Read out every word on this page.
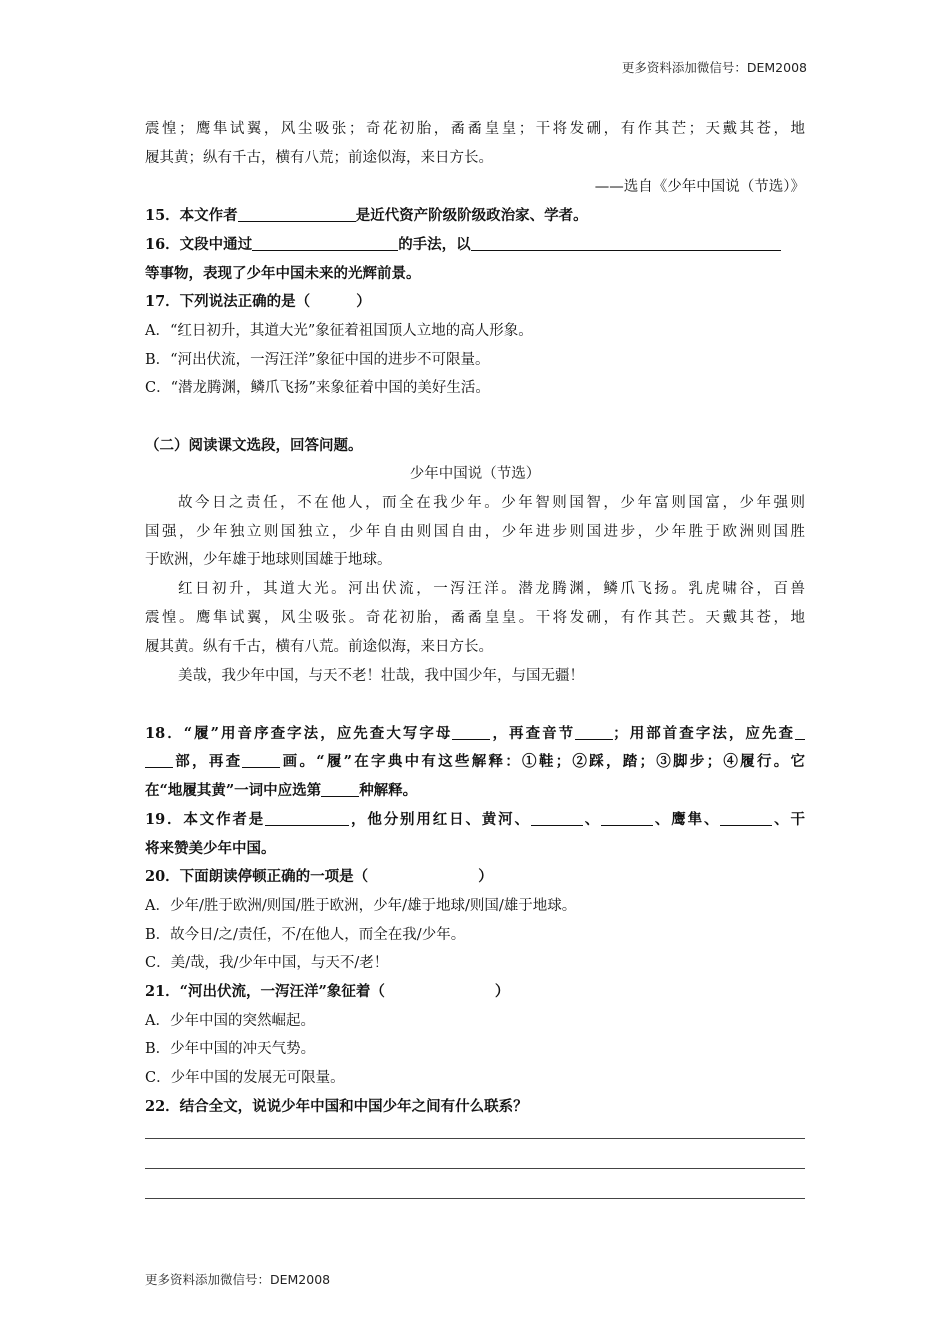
更多资料添加微信号：DEM2008
震惶；鹰隼试翼，风尘吸张；奇花初胎，矞矞皇皇；干将发硎，有作其芒；天戴其苍，地
履其黄；纵有千古，横有八荒；前途似海，来日方长。
——选自《少年中国说（节选）》
15．本文作者	是近代资产阶级阶级政治家、学者。
16．文段中通过	的手法，以
等事物，表现了少年中国未来的光辉前景。
17．下列说法正确的是（	）
A．“红日初升，其道大光”象征着祖国顶人立地的高人形象。
B．“河出伏流，一泻汪洋”象征中国的进步不可限量。
C．“潜龙腾渊，鳞爪飞扬”来象征着中国的美好生活。
（二）阅读课文选段，回答问题。
少年中国说（节选）
故今日之责任，不在他人，而全在我少年。少年智则国智，少年富则国富，少年强则
国强，少年独立则国独立，少年自由则国自由，少年进步则国进步，少年胜于欧洲则国胜
于欧洲，少年雄于地球则国雄于地球。
红日初升，其道大光。河出伏流，一泻汪洋。潜龙腾渊，鳞爪飞扬。乳虎啸谷，百兽
震惶。鹰隼试翼，风尘吸张。奇花初胎，矞矞皇皇。干将发硎，有作其芒。天戴其苍，地
履其黄。纵有千古，横有八荒。前途似海，来日方长。
美哉，我少年中国，与天不老！壮哉，我中国少年，与国无疆！
18．“履”用音序查字法，应先查大写字母	，再查音节	；用部首查字法，应先查
部，再查	画。“履”在字典中有这些解释：①鞋；②踩，踏；③脚步；④履行。它
在“地履其黄”一词中应选第	种解释。
19．本文作者是	，他分别用红日、黄河、	、	、鹰隼、	、干
将来赞美少年中国。
20．下面朗读停顿正确的一项是（	）
A．少年/胜于欧洲/则国/胜于欧洲，少年/雄于地球/则国/雄于地球。
B．故今日/之/责任，不/在他人，而全在我/少年。
C．美/哉，我/少年中国，与天不/老！
21．“河出伏流，一泻汪洋”象征着（	）
A．少年中国的突然崛起。
B．少年中国的冲天气势。
C．少年中国的发展无可限量。
22．结合全文，说说少年中国和中国少年之间有什么联系？
更多资料添加微信号：DEM2008
